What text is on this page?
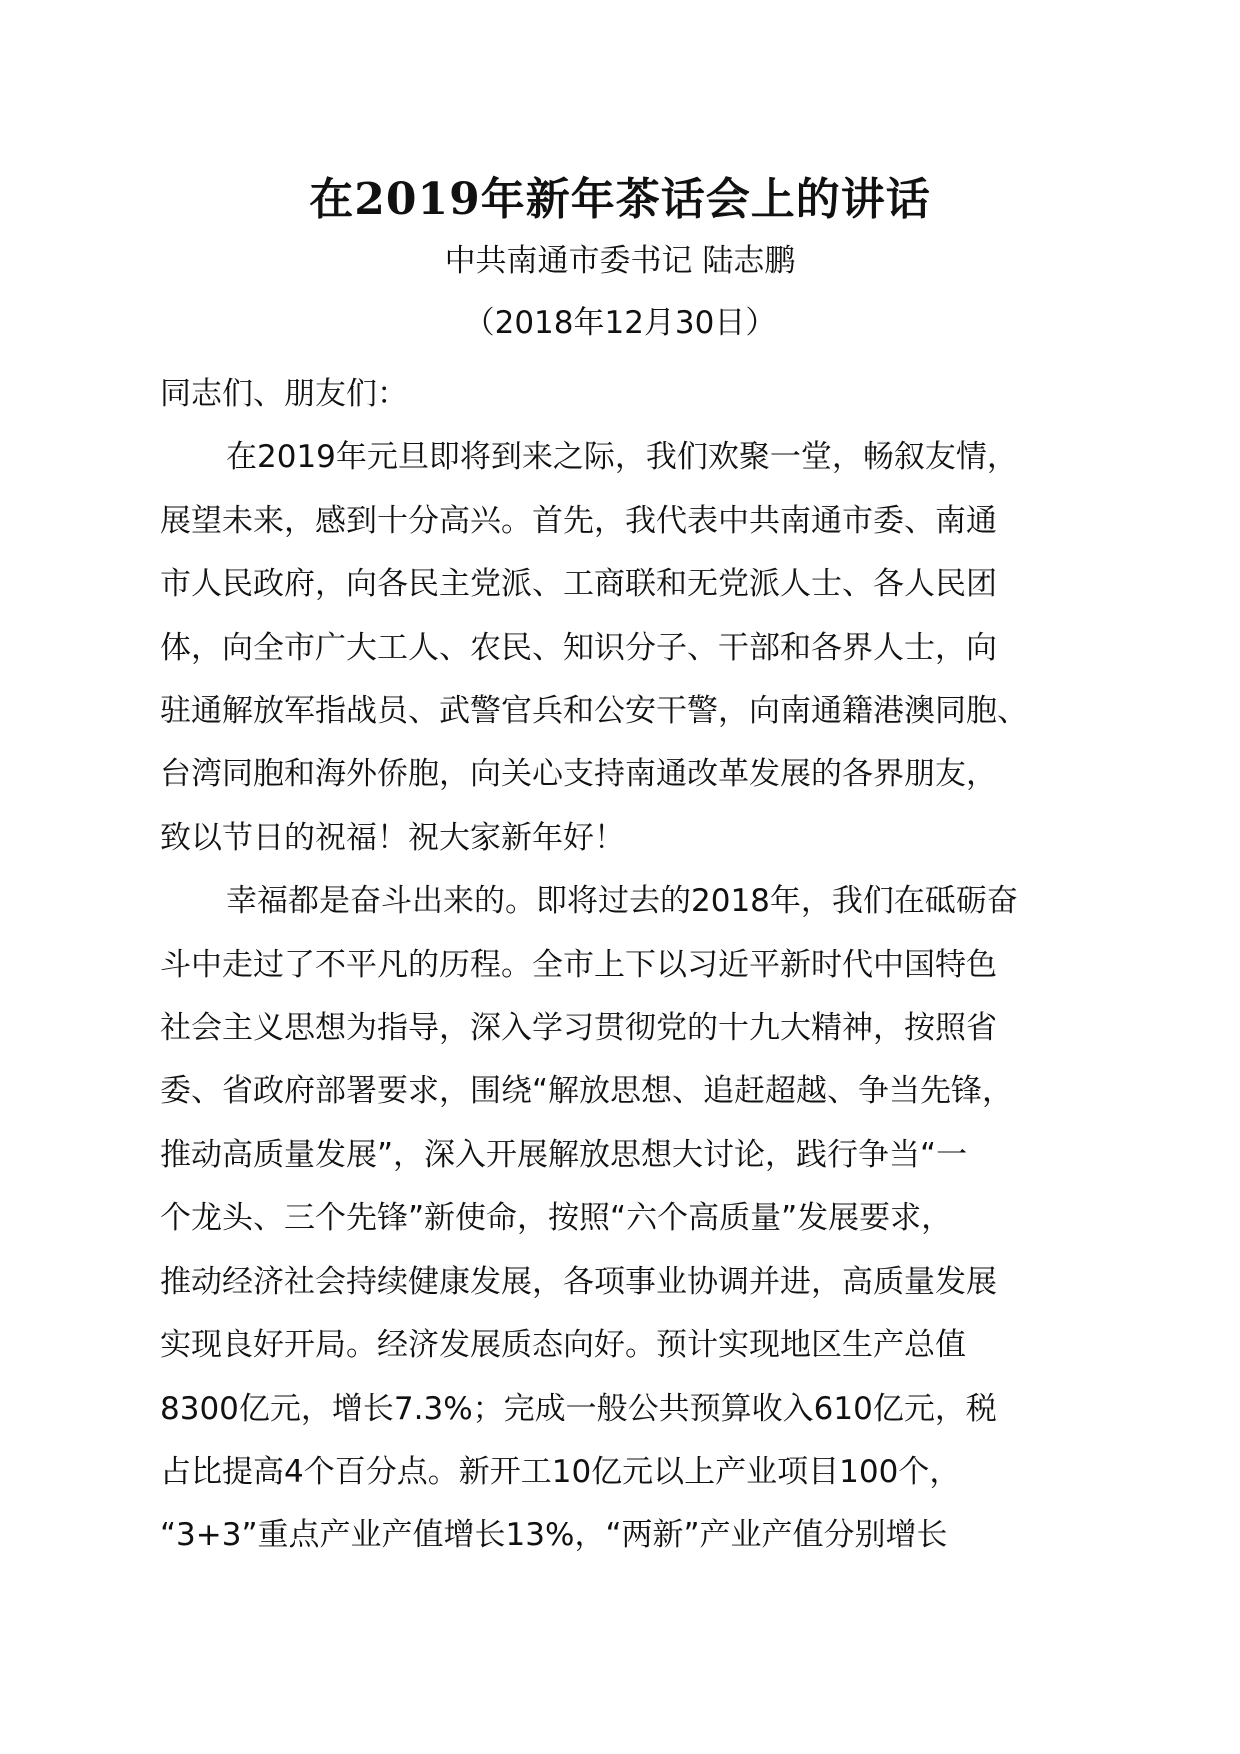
在2019年新年茶话会上的讲话
中共南通市委书记 陆志鹏
（2018年12月30日）
同志们、朋友们：

在2019年元旦即将到来之际，我们欢聚一堂，畅叙友情，
展望未来，感到十分高兴。首先，我代表中共南通市委、南通
市人民政府，向各民主党派、工商联和无党派人士、各人民团
体，向全市广大工人、农民、知识分子、干部和各界人士，向
驻通解放军指战员、武警官兵和公安干警，向南通籍港澳同胞、
台湾同胞和海外侨胞，向关心支持南通改革发展的各界朋友，
致以节日的祝福！祝大家新年好！

幸福都是奋斗出来的。即将过去的2018年，我们在砥砺奋
斗中走过了不平凡的历程。全市上下以习近平新时代中国特色
社会主义思想为指导，深入学习贯彻党的十九大精神，按照省
委、省政府部署要求，围绕“解放思想、追赶超越、争当先锋，
推动高质量发展”，深入开展解放思想大讨论，践行争当“一
个龙头、三个先锋”新使命，按照“六个高质量”发展要求，
推动经济社会持续健康发展，各项事业协调并进，高质量发展
实现良好开局。经济发展质态向好。预计实现地区生产总值
8300亿元，增长7.3%；完成一般公共预算收入610亿元，税
占比提高4个百分点。新开工10亿元以上产业项目100个，
“3+3”重点产业产值增长13%，“两新”产业产值分别增长
